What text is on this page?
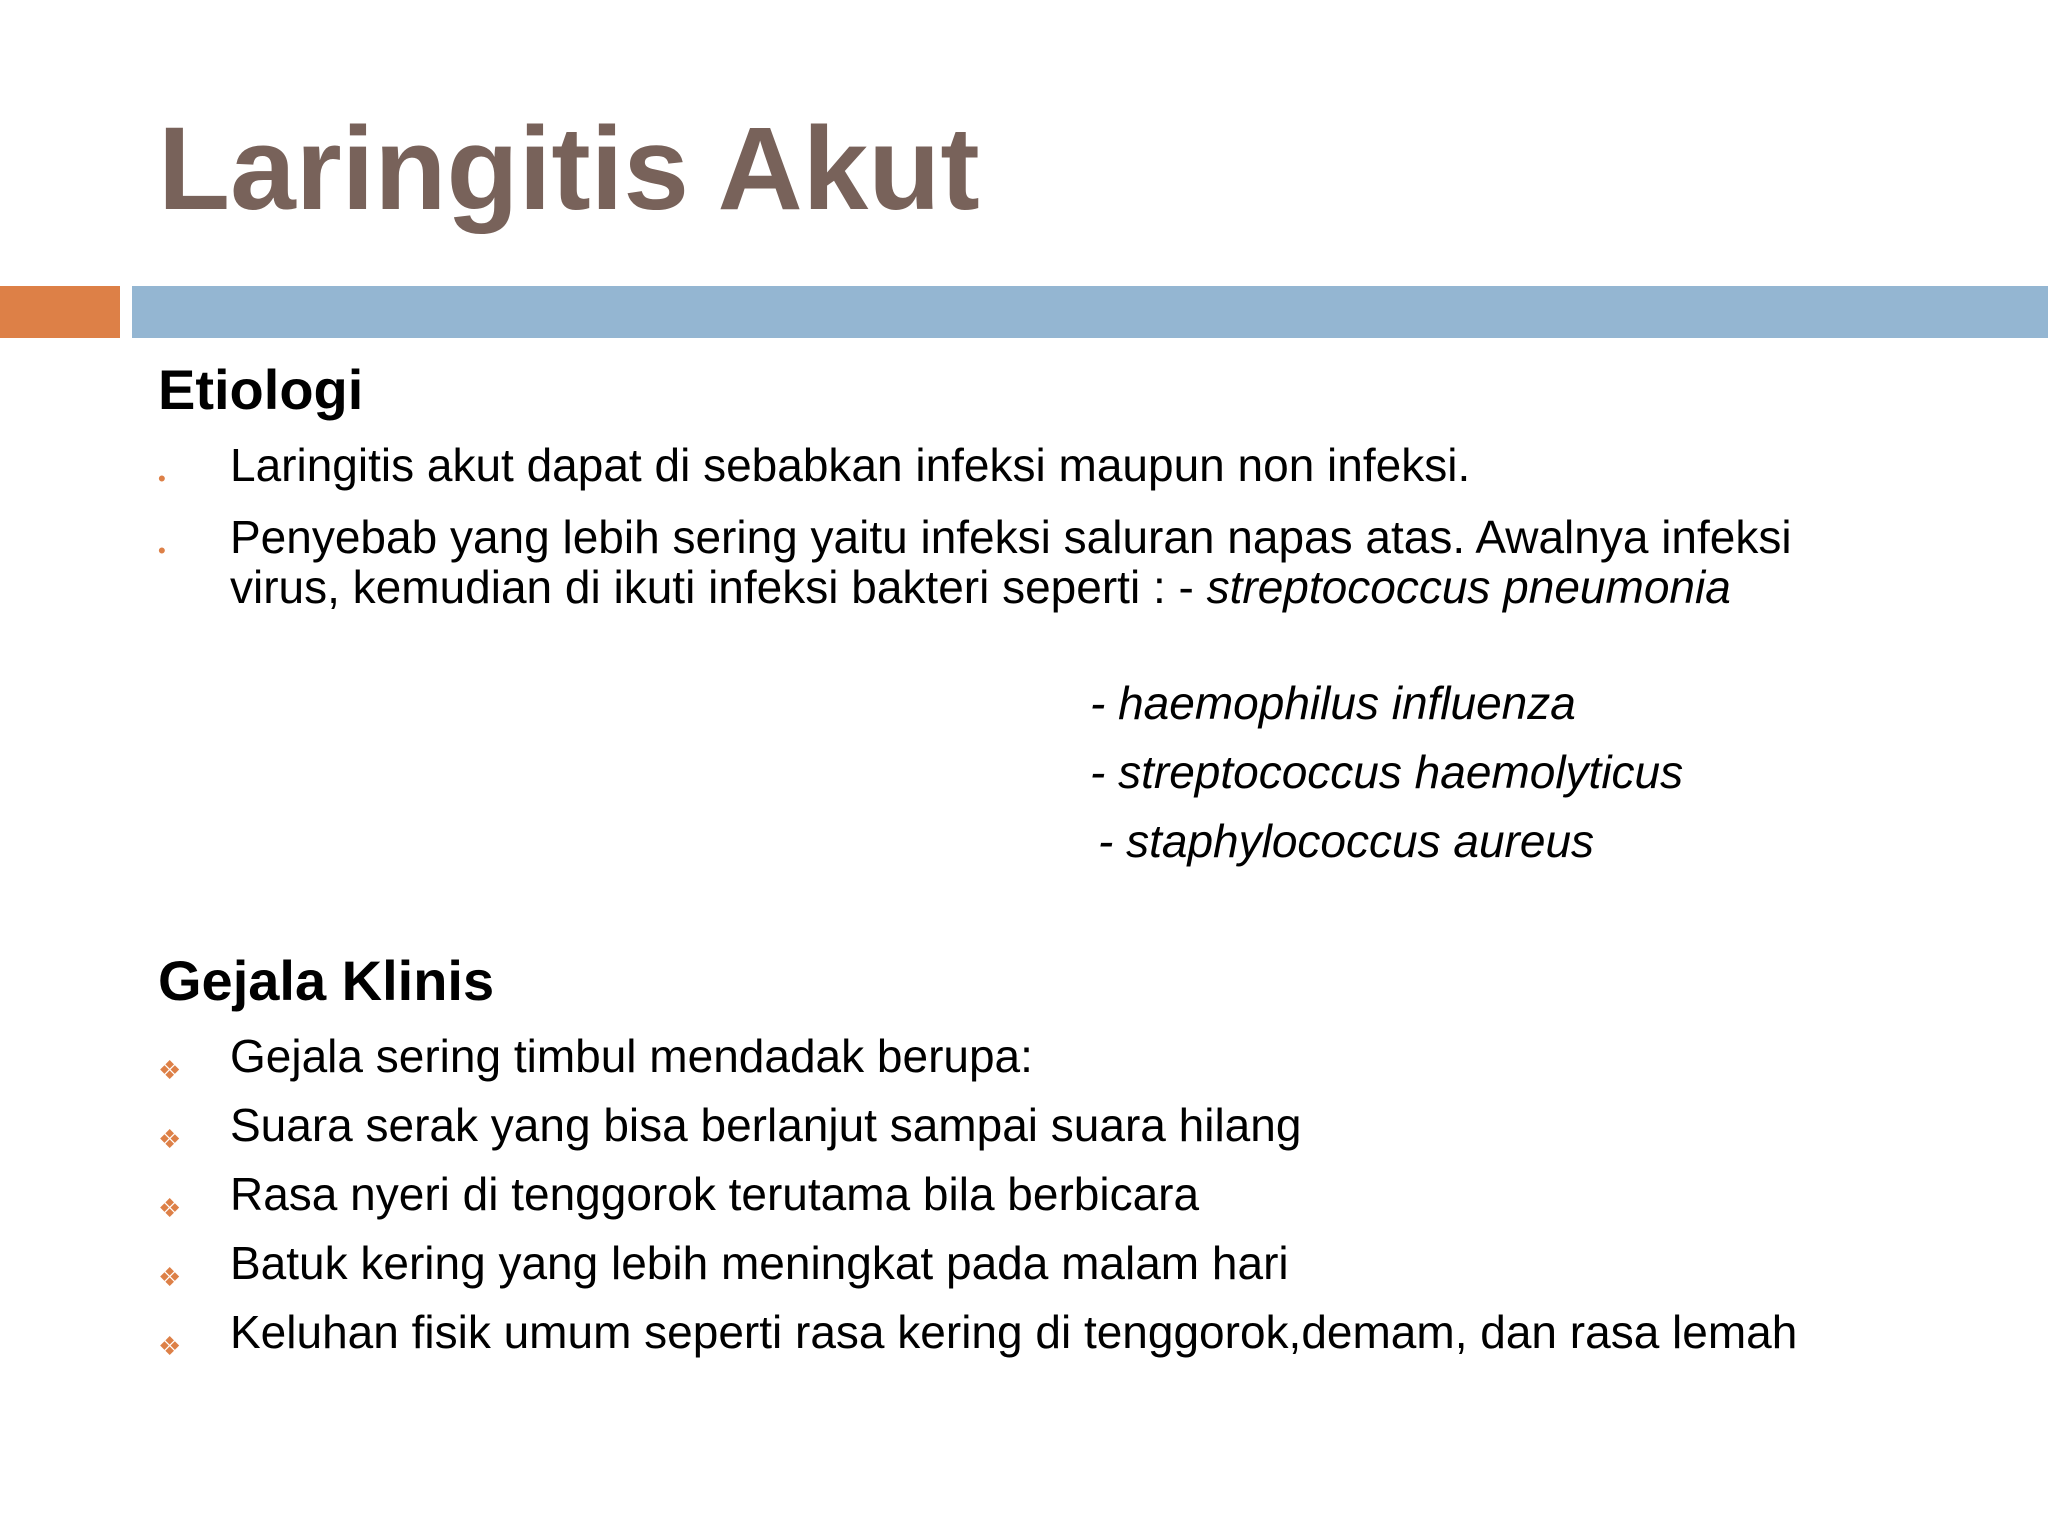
Laringitis Akut
Etiologi
• Laringitis akut dapat di sebabkan infeksi maupun non infeksi.
• Penyebab yang lebih sering yaitu infeksi saluran napas atas. Awalnya infeksi virus, kemudian di ikuti infeksi bakteri seperti : - streptococcus pneumonia
- haemophilus influenza
- streptococcus haemolyticus
- staphylococcus aureus
Gejala Klinis
❖ Gejala sering timbul mendadak berupa:
❖ Suara serak yang bisa berlanjut sampai suara hilang
❖ Rasa nyeri di tenggorok terutama bila berbicara
❖ Batuk kering yang lebih meningkat pada malam hari
❖ Keluhan fisik umum seperti rasa kering di tenggorok,demam, dan rasa lemah
